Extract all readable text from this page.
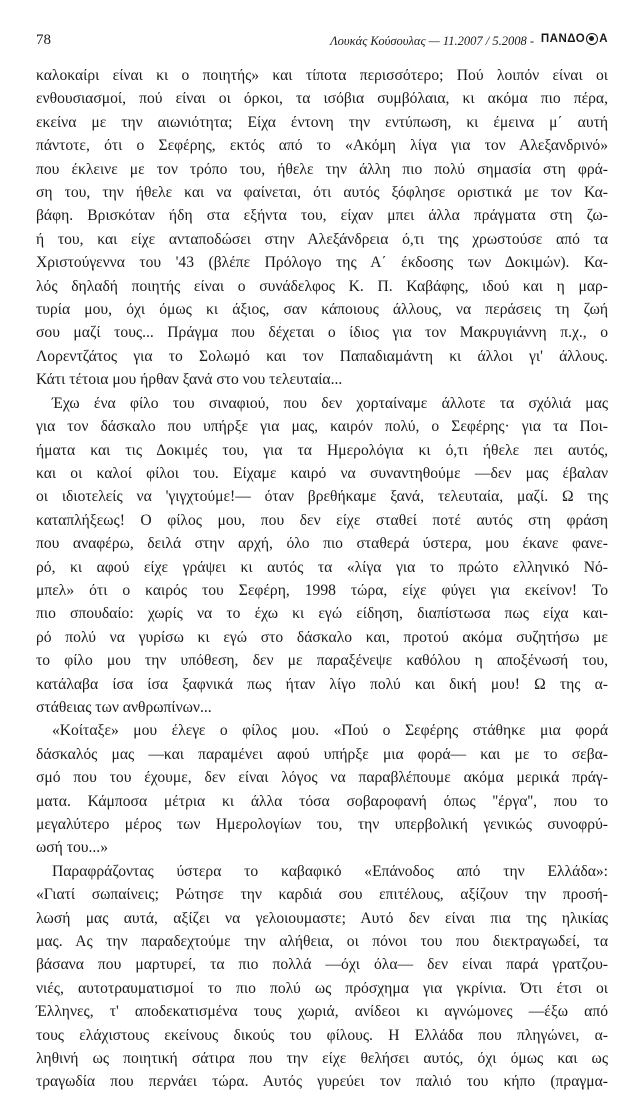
78	Λουκάς Κούσουλας — 11.2007 / 5.2008 - ΠΑΝΔΟ Α
καλοκαίρι είναι κι ο ποιητής» και τίποτα περισσότερο; Πού λοιπόν είναι οι
ενθουσιασμοί, πού είναι οι όρκοι, τα ισόβια συμβόλαια, κι ακόμα πιο πέρα,
εκείνα με την αιωνιότητα; Είχα έντονη την εντύπωση, κι έμεινα μ΄ αυτή
πάντοτε, ότι ο Σεφέρης, εκτός από το «Ακόμη λίγα για τον Αλεξανδρινό»
που έκλεινε με τον τρόπο του, ήθελε την άλλη πιο πολύ σημασία στη φρά-
ση του, την ήθελε και να φαίνεται, ότι αυτός ξόφλησε οριστικά με τον Κα-
βάφη. Βρισκόταν ήδη στα εξήντα του, είχαν μπει άλλα πράγματα στη ζω-
ή του, και είχε ανταποδώσει στην Αλεξάνδρεια ό,τι της χρωστούσε από τα
Χριστούγεννα του '43 (βλέπε Πρόλογο της Α΄ έκδοσης των Δοκιμών). Κα-
λός δηλαδή ποιητής είναι ο συνάδελφος Κ. Π. Καβάφης, ιδού και η μαρ-
τυρία μου, όχι όμως κι άξιος, σαν κάποιους άλλους, να περάσεις τη ζωή
σου μαζί τους... Πράγμα που δέχεται ο ίδιος για τον Μακρυγιάννη π.χ., ο
Λορεντζάτος για το Σολωμό και τον Παπαδιαμάντη κι άλλοι γι' άλλους.
Κάτι τέτοια μου ήρθαν ξανά στο νου τελευταία...
Έχω ένα φίλο του σιναφιού, που δεν χορταίναμε άλλοτε τα σχόλιά μας
για τον δάσκαλο που υπήρξε για μας, καιρόν πολύ, ο Σεφέρης· για τα Ποι-
ήματα και τις Δοκιμές του, για τα Ημερολόγια κι ό,τι ήθελε πει αυτός,
και οι καλοί φίλοι του. Είχαμε καιρό να συναντηθούμε —δεν μας έβαλαν
οι ιδιοτελείς να 'γιγχτούμε!— όταν βρεθήκαμε ξανά, τελευταία, μαζί. Ω της
καταπλήξεως! Ο φίλος μου, που δεν είχε σταθεί ποτέ αυτός στη φράση
που αναφέρω, δειλά στην αρχή, όλο πιο σταθερά ύστερα, μου έκανε φανε-
ρό, κι αφού είχε γράψει κι αυτός τα «λίγα για το πρώτο ελληνικό Νό-
μπελ» ότι ο καιρός του Σεφέρη, 1998 τώρα, είχε φύγει για εκείνον! Το
πιο σπουδαίο: χωρίς να το έχω κι εγώ είδηση, διαπίστωσα πως είχα και-
ρό πολύ να γυρίσω κι εγώ στο δάσκαλο και, προτού ακόμα συζητήσω με
το φίλο μου την υπόθεση, δεν με παραξένεψε καθόλου η αποξένωσή του,
κατάλαβα ίσα ίσα ξαφνικά πως ήταν λίγο πολύ και δική μου! Ω της α-
στάθειας των ανθρωπίνων...
«Κοίταξε» μου έλεγε ο φίλος μου. «Πού ο Σεφέρης στάθηκε μια φορά
δάσκαλός μας —και παραμένει αφού υπήρξε μια φορά— και με το σεβα-
σμό που του έχουμε, δεν είναι λόγος να παραβλέπουμε ακόμα μερικά πράγ-
ματα. Κάμποσα μέτρια κι άλλα τόσα σοβαροφανή όπως ''έργα'', που το
μεγαλύτερο μέρος των Ημερολογίων του, την υπερβολική γενικώς συνοφρύ-
ωσή του...»
Παραφράζοντας ύστερα το καβαφικό «Επάνοδος από την Ελλάδα»:
«Γιατί σωπαίνεις; Ρώτησε την καρδιά σου επιτέλους, αξίζουν την προσή-
λωσή μας αυτά, αξίζει να γελοιουμαστε; Αυτό δεν είναι πια της ηλικίας
μας. Ας την παραδεχτούμε την αλήθεια, οι πόνοι του που διεκτραγωδεί, τα
βάσανα που μαρτυρεί, τα πιο πολλά —όχι όλα— δεν είναι παρά γρατζου-
νιές, αυτοτραυματισμοί το πιο πολύ ως πρόσχημα για γκρίνια. Ότι έτσι οι
Έλληνες, τ' αποδεκατισμένα τους χωριά, ανίδεοι κι αγνώμονες —έξω από
τους ελάχιστους εκείνους δικούς του φίλους. Η Ελλάδα που πληγώνει, α-
ληθινή ως ποιητική σάτιρα που την είχε θελήσει αυτός, όχι όμως και ως
τραγωδία που περνάει τώρα. Αυτός γυρεύει τον παλιό του κήπο (πραγμα-
